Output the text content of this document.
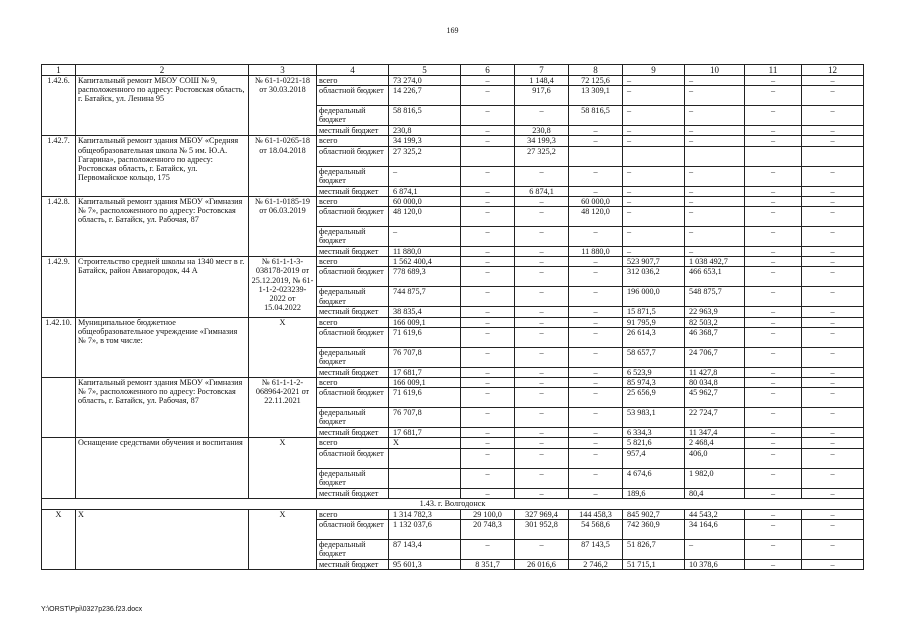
169
1	2	3	4	5	6	7	8	9	10	11	12
1.42.6.	Капитальный ремонт МБОУ СОШ № 9, расположенного по адресу: Ростовская область, г. Батайск, ул. Ленина 95	№ 61-1-0221-18 от 30.03.2018	всего	73 274,0	–	1 148,4	72 125,6	–	–	–	–
			областной бюджет	14 226,7	–	917,6	13 309,1	–	–	–	–
			федеральный бюджет	58 816,5	–	–	58 816,5	–	–	–	–
			местный бюджет	230,8	–	230,8	–	–	–	–	–
1.42.7.	Капитальный ремонт здания МБОУ «Средняя общеобразовательная школа № 5 им. Ю.А. Гагарина», расположенного по адресу: Ростовская область, г. Батайск, ул. Первомайское кольцо, 175	№ 61-1-0265-18 от 18.04.2018	всего	34 199,3	–	34 199,3	–	–	–	–	–
			областной бюджет	27 325,2		27 325,2					
			федеральный бюджет	–	–	–	–	–	–	–	–
			местный бюджет	6 874,1	–	6 874,1	–	–	–	–	–
1.42.8.	Капитальный ремонт здания МБОУ «Гимназия № 7», расположенного по адресу: Ростовская область, г. Батайск, ул. Рабочая, 87	№ 61-1-0185-19 от 06.03.2019	всего	60 000,0	–	–	60 000,0	–	–	–	–
			областной бюджет	48 120,0	–	–	48 120,0	–	–	–	–
			федеральный бюджет	–	–	–	–	–	–	–	–
			местный бюджет	11 880,0	–	–	11 880,0	–	–	–	–
1.42.9.	Строительство средней школы на 1340 мест в г. Батайск, район Авиагородок, 44 А	№ 61-1-1-3-038178-2019 от 25.12.2019, № 61-1-1-2-023239-2022 от 15.04.2022	всего	1 562 400,4	–	–	–	523 907,7	1 038 492,7	–	–
			областной бюджет	778 689,3	–	–	–	312 036,2	466 653,1	–	–
			федеральный бюджет	744 875,7	–	–	–	196 000,0	548 875,7	–	–
			местный бюджет	38 835,4	–	–	–	15 871,5	22 963,9	–	–
1.42.10.	Муниципальное бюджетное общеобразовательное учреждение «Гимназия № 7», в том числе:	X	всего	166 009,1	–	–	–	91 795,9	82 503,2	–	–
			областной бюджет	71 619,6	–	–	–	26 614,3	46 368,7	–	–
			федеральный бюджет	76 707,8	–	–	–	58 657,7	24 706,7	–	–
			местный бюджет	17 681,7	–	–	–	6 523,9	11 427,8	–	–
	Капитальный ремонт здания МБОУ «Гимназия № 7», расположенного по адресу: Ростовская область, г. Батайск, ул. Рабочая, 87	№ 61-1-1-2-068964-2021 от 22.11.2021	всего	166 009,1	–	–	–	85 974,3	80 034,8	–	–
			областной бюджет	71 619,6	–	–	–	25 656,9	45 962,7	–	–
			федеральный бюджет	76 707,8	–	–	–	53 983,1	22 724,7	–	–
			местный бюджет	17 681,7	–	–	–	6 334,3	11 347,4	–	–
	Оснащение средствами обучения и воспитания	X	всего	X	–	–	–	5 821,6	2 468,4	–	–
			областной бюджет		–	–	–	957,4	406,0	–	–
			федеральный бюджет		–	–	–	4 674,6	1 982,0	–	–
			местный бюджет		–	–	–	189,6	80,4	–	–
1.43. г. Волгодонск											
X	X	X	всего	1 314 782,3	29 100,0	327 969,4	144 458,3	845 902,7	44 543,2	–	–
			областной бюджет	1 132 037,6	20 748,3	301 952,8	54 568,6	742 360,9	34 164,6	–	–
			федеральный бюджет	87 143,4	–	–	87 143,5	51 826,7	–	–	–
			местный бюджет	95 601,3	8 351,7	26 016,6	2 746,2	51 715,1	10 378,6	–	–
Y:\ORST\Ppi\0327p236.f23.docx
